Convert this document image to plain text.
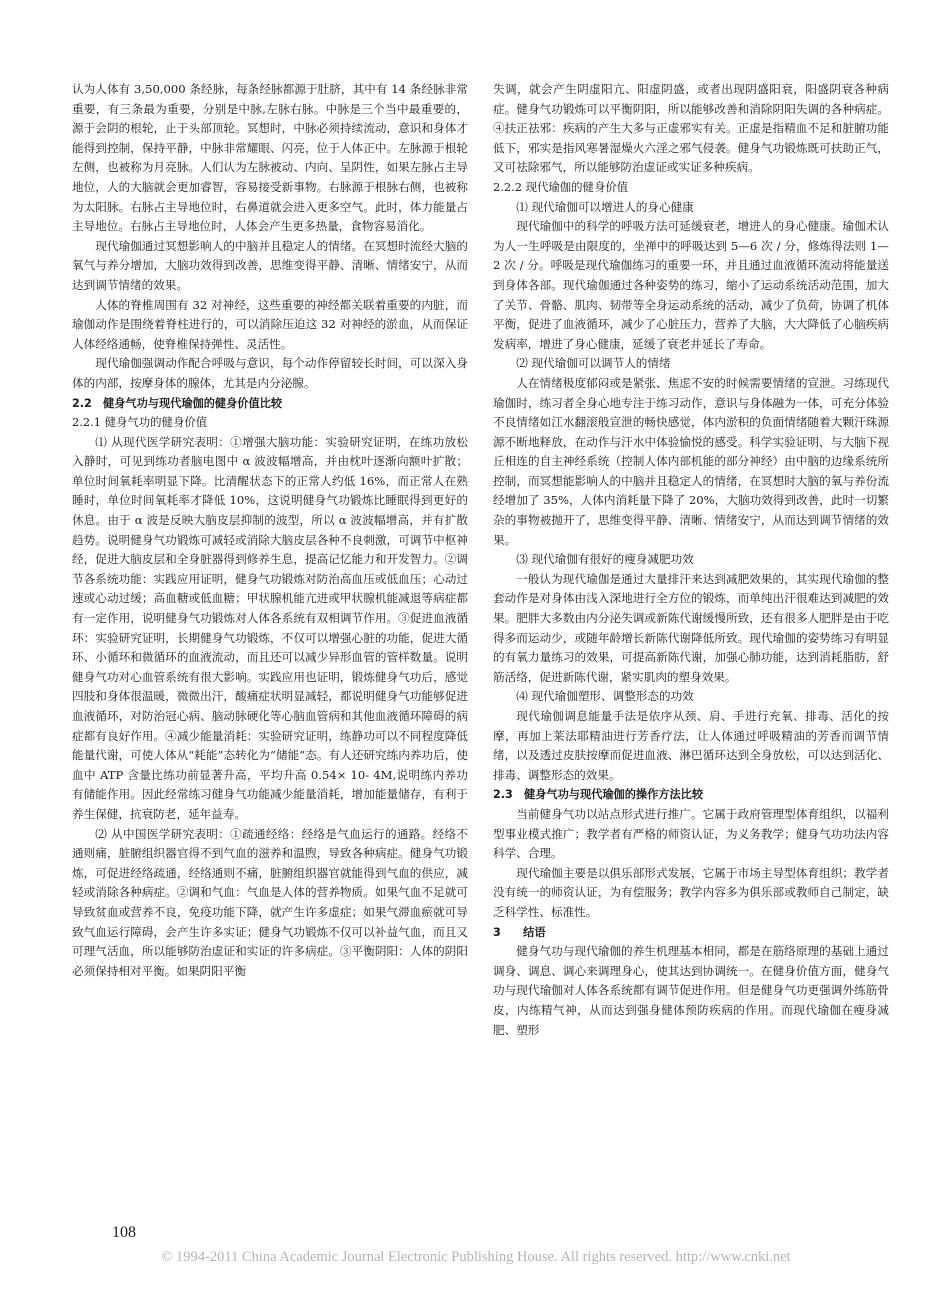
认为人体有 3,50,000 条经脉，每条经脉都源于肚脐，其中有 14 条经脉非常重要，有三条最为重要，分别是中脉,左脉右脉。中脉是三个当中最重要的，源于会阴的根轮，止于头部顶轮。冥想时，中脉必须持续流动，意识和身体才能得到控制，保持平静，中脉非常耀眼、闪亮，位于人体正中。左脉源于根轮左侧，也被称为月亮脉。人们认为左脉被动、内向、呈阴性，如果左脉占主导地位，人的大脑就会更加睿智，容易接受新事物。右脉源于根脉右侧，也被称为太阳脉。右脉占主导地位时，右鼻道就会进入更多空气。此时，体力能量占主导地位。右脉占主导地位时，人体会产生更多热量，食物容易消化。

现代瑜伽通过冥想影响人的中脑并且稳定人的情绪。在冥想时流经大脑的氧气与养分增加，大脑功效得到改善，思维变得平静、清晰、情绪安宁，从而达到调节情绪的效果。

人体的脊椎周围有 32 对神经，这些重要的神经都关联着重要的内脏，而瑜伽动作是围绕着脊柱进行的，可以消除压迫这 32 对神经的淤血，从而保证人体经络通畅，使脊椎保持弹性、灵活性。

现代瑜伽强调动作配合呼吸与意识，每个动作停留较长时间，可以深入身体的内部，按摩身体的腺体，尤其是内分泌腺。

2.2　健身气功与现代瑜伽的健身价值比较

2.2.1 健身气功的健身价值

⑴ 从现代医学研究表明：①增强大脑功能：实验研究证明，在练功放松入静时，可见到练功者脑电图中 α 波波幅增高，并由枕叶逐渐向额叶扩散；单位时间氧耗率明显下降。比清醒状态下的正常人约低 16%，而正常人在熟睡时，单位时间氧耗率才降低 10%，这说明健身气功锻炼比睡眠得到更好的休息。由于 α 波是反映大脑皮层抑制的波型，所以 α 波波幅增高，并有扩散趋势。说明健身气功锻炼可减轻或消除大脑皮层各种不良刺激，可调节中枢神经，促进大脑皮层和全身脏器得到修养生息，提高记忆能力和开发智力。②调节各系统功能：实践应用证明，健身气功锻炼对防治高血压或低血压；心动过速或心动过缓；高血糖或低血糖；甲状腺机能亢进或甲状腺机能减退等病症都有一定作用，说明健身气功锻炼对人体各系统有双相调节作用。③促进血液循环：实验研究证明，长期健身气功锻炼，不仅可以增强心脏的功能，促进大循环、小循环和微循环的血液流动，而且还可以减少异形血管的管样数量。说明健身气功对心血管系统有很大影响。实践应用也证明，锻炼健身气功后，感觉四肢和身体很温暖，微微出汗，酸痛症状明显减轻，都说明健身气功能够促进血液循环，对防治冠心病、脑动脉硬化等心脑血管病和其他血液循环障碍的病症都有良好作用。④减少能量消耗：实验研究证明，练静功可以不同程度降低能量代谢，可使人体从“耗能”态转化为“储能”态。有人还研究练内养功后，使血中 ATP 含量比练功前显著升高，平均升高 0.54× 10- 4M,说明练内养功有储能作用。因此经常练习健身气功能减少能量消耗，增加能量储存，有利于养生保健，抗衰防老，延年益寿。

⑵ 从中国医学研究表明：①疏通经络：经络是气血运行的通路。经络不通则痛，脏腑组织器官得不到气血的滋养和温煦，导致各种病症。健身气功锻炼，可促进经络疏通，经络通则不痛，脏腑组织器官就能得到气血的供应，减轻或消除各种病症。②调和气血：气血是人体的营养物质。如果气血不足就可导致贫血或营养不良，免疫功能下降，就产生许多虚症；如果气滞血瘀就可导致气血运行障碍，会产生许多实证；健身气功锻炼不仅可以补益气血，而且又可理气活血，所以能够防治虚证和实证的许多病症。③平衡阴阳：人体的阴阳必须保持相对平衡。如果阴阳平衡

失调，就会产生阴虚阳亢、阳虚阴盛，或者出现阴盛阳衰，阳盛阴衰各种病症。健身气功锻炼可以平衡阴阳，所以能够改善和消除阴阳失调的各种病症。④扶正祛邪：疾病的产生大多与正虚邪实有关。正虚是指精血不足和脏腑功能低下，邪实是指风寒暑湿燥火六淫之邪气侵袭。健身气功锻炼既可扶助正气，又可祛除邪气，所以能够防治虚证或实证多种疾病。

2.2.2 现代瑜伽的健身价值

⑴ 现代瑜伽可以增进人的身心健康

现代瑜伽中的科学的呼吸方法可延缓衰老，增进人的身心健康。瑜伽术认为人一生呼吸是由限度的，坐禅中的呼吸达到 5—6 次 / 分，修炼得法则 1—2 次 / 分。呼吸是现代瑜伽练习的重要一环，并且通过血液循环流动将能量送到身体各部。现代瑜伽通过各种姿势的练习，缩小了运动系统活动范围，加大了关节、骨骼、肌肉、韧带等全身运动系统的活动，减少了负荷，协调了机体平衡，促进了血液循环，减少了心脏压力，营养了大脑，大大降低了心脑疾病发病率，增进了身心健康，延缓了衰老并延长了寿命。

⑵ 现代瑜伽可以调节人的情绪

人在情绪极度郁闷或是紧张、焦虑不安的时候需要情绪的宣泄。习练现代瑜伽时，练习者全身心地专注于练习动作，意识与身体融为一体，可充分体验不良情绪如江水翻滚般宣泄的畅快感觉，体内淤积的负面情绪随着大颗汗珠源源不断地释放，在动作与汗水中体验愉悦的感受。科学实验证明，与大脑下视丘相连的自主神经系统（控制人体内部机能的部分神经）由中脑的边缘系统所控制，而冥想能影响人的中脑并且稳定人的情绪，在冥想时大脑的氧与养份流经增加了 35%，人体内消耗量下降了 20%，大脑功效得到改善，此时一切繁杂的事物被抛开了，思维变得平静、清晰、情绪安宁，从而达到调节情绪的效果。

⑶ 现代瑜伽有很好的瘦身减肥功效

一般认为现代瑜伽是通过大量排汗来达到减肥效果的，其实现代瑜伽的整套动作是对身体由浅入深地进行全方位的锻炼，而单纯出汗很难达到减肥的效果。肥胖大多数由内分泌失调或新陈代谢缓慢所致，还有很多人肥胖是由于吃得多而运动少，或随年龄增长新陈代谢降低所致。现代瑜伽的姿势练习有明显的有氧力量练习的效果，可提高新陈代谢，加强心肺功能，达到消耗脂肪，舒筋活络，促进新陈代谢，紧实肌肉的塑身效果。

⑷ 现代瑜伽塑形、调整形态的功效

现代瑜伽调息能量手法是依序从颈、肩、手进行充氧、排毒、活化的按摩，再加上莱法耶精油进行芳香疗法，让人体通过呼吸精油的芳香而调节情绪，以及透过皮肤按摩而促进血液、淋巴循环达到全身放松，可以达到活化、排毒、调整形态的效果。

2.3　健身气功与现代瑜伽的操作方法比较

当前健身气功以站点形式进行推广。它属于政府管理型体育组织，以福利型事业模式推广；教学者有严格的师资认证，为义务教学；健身气功功法内容科学、合理。

现代瑜伽主要是以俱乐部形式发展，它属于市场主导型体育组织；教学者没有统一的师资认证，为有偿服务；教学内容多为俱乐部或教师自己制定，缺乏科学性、标准性。

3　　结语

健身气功与现代瑜伽的养生机理基本相同，都是在筋络原理的基础上通过调身、调息、调心来调理身心，使其达到协调统一。在健身价值方面，健身气功与现代瑜伽对人体各系统都有调节促进作用。但是健身气功更强调外练筋骨皮，内练精气神，从而达到强身健体预防疾病的作用。而现代瑜伽在瘦身减肥、塑形

108
© 1994-2011 China Academic Journal Electronic Publishing House. All rights reserved. http://www.cnki.net
